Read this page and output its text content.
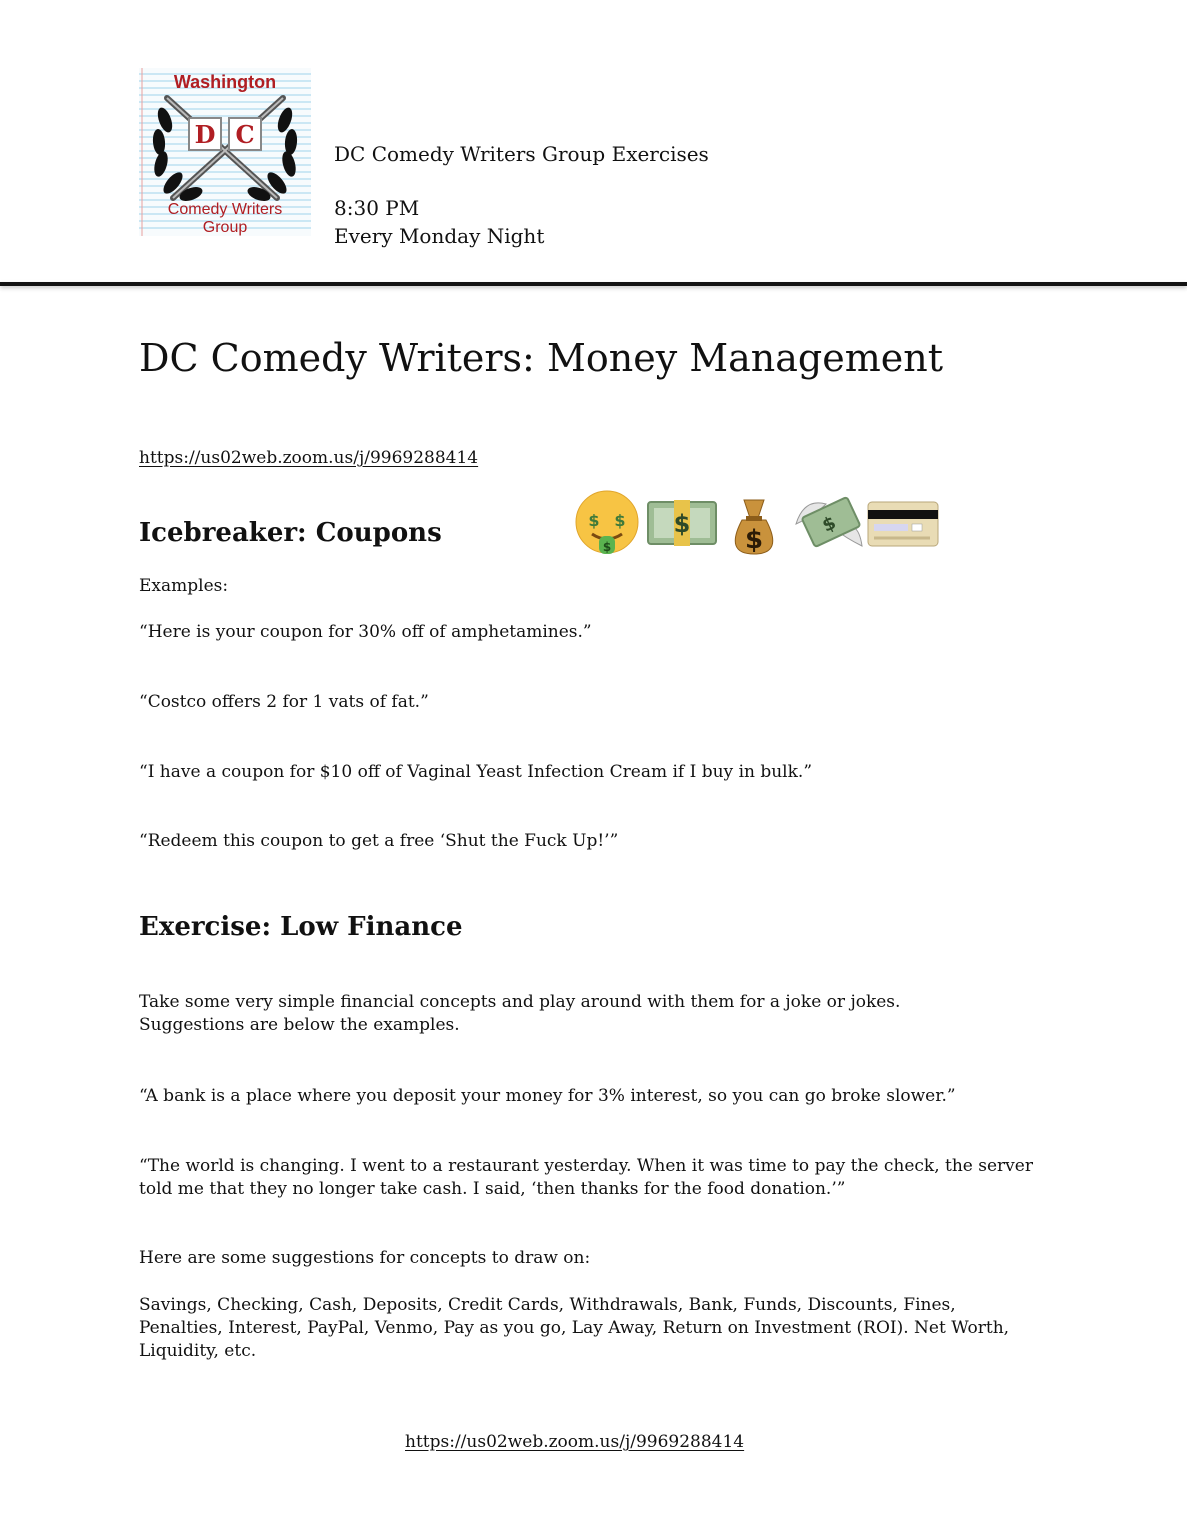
D C
Washington
Comedy Writers
Group
DC Comedy Writers Group Exercises
8:30 PM
Every Monday Night
DC Comedy Writers: Money Management
https://us02web.zoom.us/j/9969288414
Icebreaker: Coupons	$ $
$
$
$
$
Examples:
“Here is your coupon for 30% off of amphetamines.”
“Costco offers 2 for 1 vats of fat.”
“I have a coupon for $10 off of Vaginal Yeast Infection Cream if I buy in bulk.”
“Redeem this coupon to get a free ‘Shut the Fuck Up!’”
Exercise: Low Finance
Take some very simple financial concepts and play around with them for a joke or jokes. Suggestions are below the examples.
“A bank is a place where you deposit your money for 3% interest, so you can go broke slower.”
“The world is changing. I went to a restaurant yesterday. When it was time to pay the check, the server told me that they no longer take cash. I said, ‘then thanks for the food donation.’”
Here are some suggestions for concepts to draw on:
Savings, Checking, Cash, Deposits, Credit Cards, Withdrawals, Bank, Funds, Discounts, Fines, Penalties, Interest, PayPal, Venmo, Pay as you go, Lay Away, Return on Investment (ROI). Net Worth, Liquidity, etc.
https://us02web.zoom.us/j/9969288414
